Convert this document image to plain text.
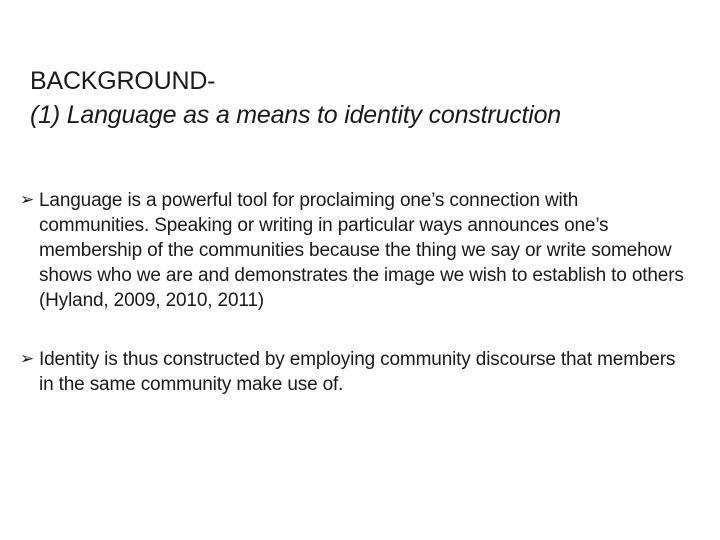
BACKGROUND-
(1) Language as a means to identity construction
➢ Language is a powerful tool for proclaiming one’s connection with communities. Speaking or writing in particular ways announces one’s membership of the communities because the thing we say or write somehow shows who we are and demonstrates the image we wish to establish to others (Hyland, 2009, 2010, 2011)
➢ Identity is thus constructed by employing community discourse that members in the same community make use of.
